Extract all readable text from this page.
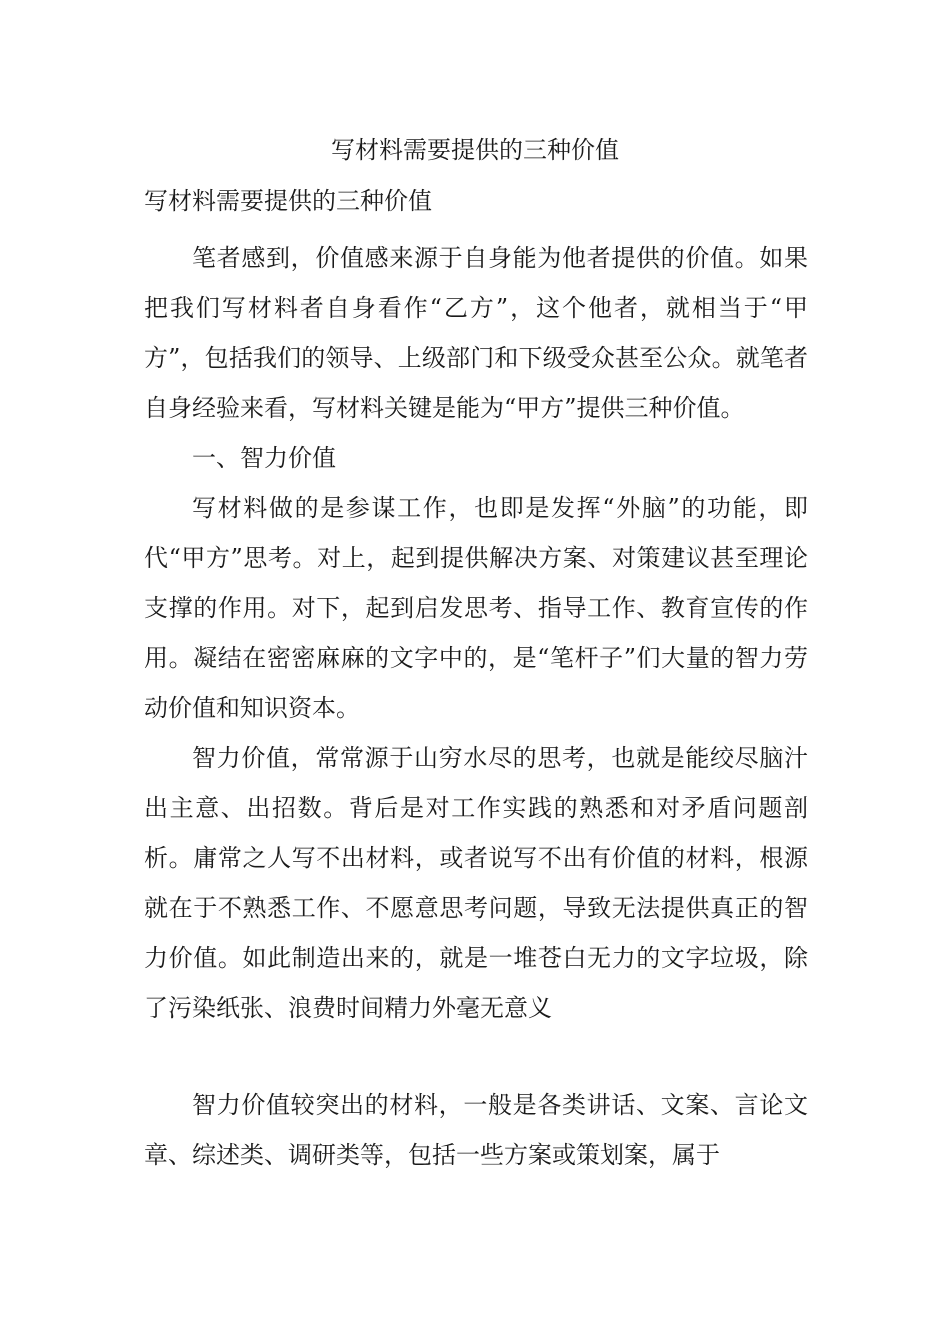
写材料需要提供的三种价值
写材料需要提供的三种价值

笔者感到，价值感来源于自身能为他者提供的价值。如果把我们写材料者自身看作“乙方”，这个他者，就相当于“甲方”，包括我们的领导、上级部门和下级受众甚至公众。就笔者自身经验来看，写材料关键是能为“甲方”提供三种价值。

一、智力价值

写材料做的是参谋工作，也即是发挥“外脑”的功能，即代“甲方”思考。对上，起到提供解决方案、对策建议甚至理论支撑的作用。对下，起到启发思考、指导工作、教育宣传的作用。凝结在密密麻麻的文字中的，是“笔杆子”们大量的智力劳动价值和知识资本。

智力价值，常常源于山穷水尽的思考，也就是能绞尽脑汁出主意、出招数。背后是对工作实践的熟悉和对矛盾问题剖析。庸常之人写不出材料，或者说写不出有价值的材料，根源就在于不熟悉工作、不愿意思考问题，导致无法提供真正的智力价值。如此制造出来的，就是一堆苍白无力的文字垃圾，除了污染纸张、浪费时间精力外毫无意义

智力价值较突出的材料，一般是各类讲话、文案、言论文章、综述类、调研类等，包括一些方案或策划案，属于
